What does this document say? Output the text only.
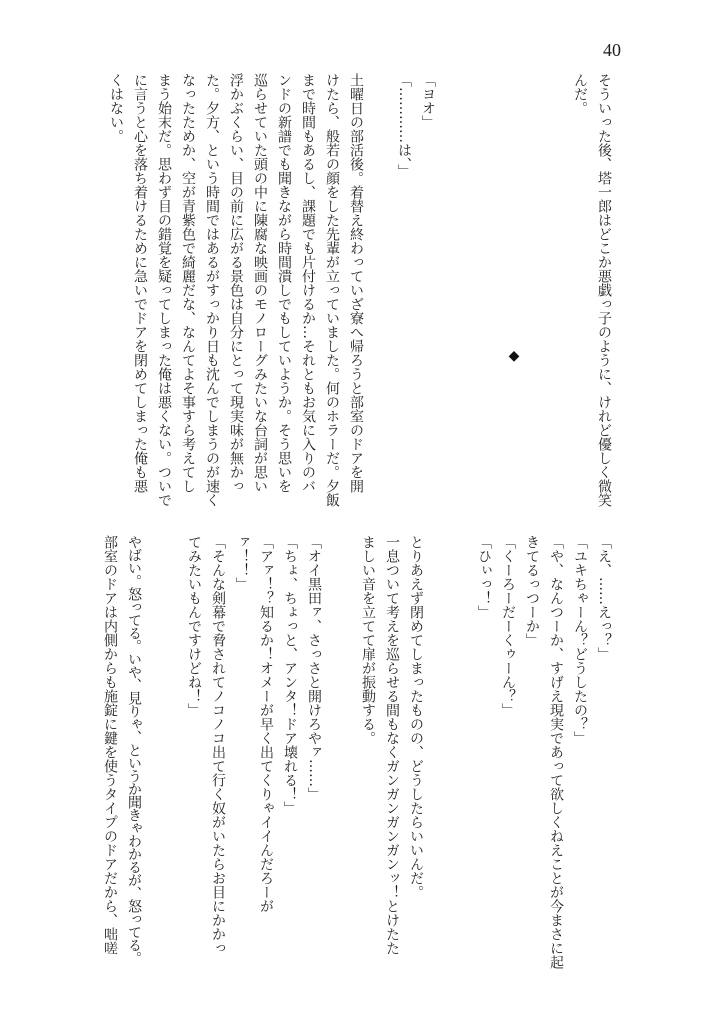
40
そういった後、塔一郎はどこか悪戯っ子のように、けれど優しく微笑
んだ。
◆
「ヨオ」
「…………は、」
土曜日の部活後。着替え終わっていざ寮へ帰ろうと部室のドアを開
けたら、般若の顔をした先輩が立っていました。何のホラーだ。夕飯
まで時間もあるし、課題でも片付けるか…それともお気に入りのバ
ンドの新譜でも聞きながら時間潰しでもしていようか。そう思いを
巡らせていた頭の中に陳腐な映画のモノローグみたいな台詞が思い
浮かぶくらい、目の前に広がる景色は自分にとって現実味が無かっ
た。夕方、という時間ではあるがすっかり日も沈んでしまうのが速く
なったためか、空が青紫色で綺麗だな、なんてよそ事すら考えてし
まう始末だ。思わず目の錯覚を疑ってしまった俺は悪くない。ついで
に言うと心を落ち着けるために急いでドアを閉めてしまった俺も悪
くはない。
「え、……えっ？」
「ユキちゃーん？どうしたの？」
「や、なんつーか、すげえ現実であって欲しくねえことが今まさに起
きてるっつーか」
「くーろーだーくゥーん？」
「ひぃっ！」
とりあえず閉めてしまったものの、どうしたらいいんだ。
一息ついて考えを巡らせる間もなくガンガンガンガンッ！とけたた
ましい音を立てて扉が振動する。
「オイ黒田ァ、さっさと開けろやァ……」
「ちょ、ちょっと、アンタ！ドア壊れる！」
「アァ！？知るか！オメーが早く出てくりゃイイんだろーが
ァ！！」
「そんな剣幕で脅されてノコノコ出て行く奴がいたらお目にかかっ
てみたいもんですけどね！」
やばい。怒ってる。いや、見りゃ、というか聞きゃわかるが、怒ってる。
部室のドアは内側からも施錠に鍵を使うタイプのドアだから、咄嗟
